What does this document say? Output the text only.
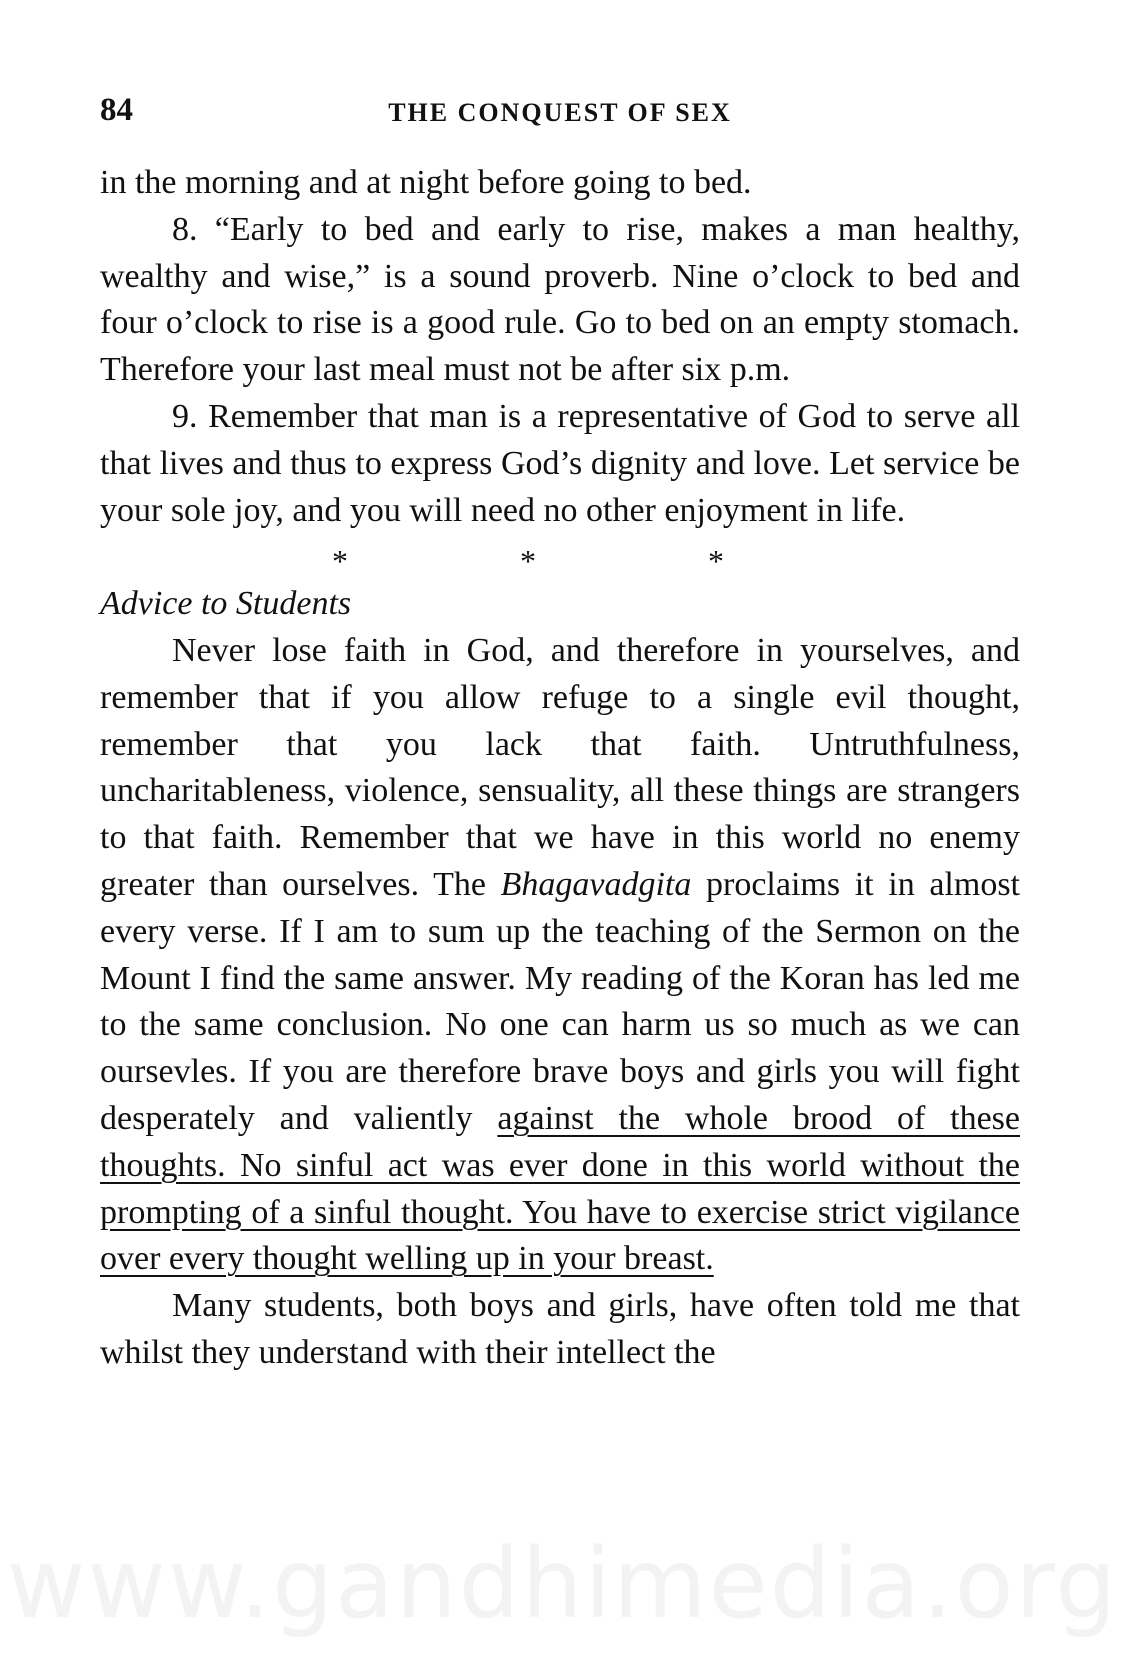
84	THE CONQUEST OF SEX

in the morning and at night before going to bed.

8. “Early to bed and early to rise, makes a man healthy, wealthy and wise,” is a sound proverb. Nine o’clock to bed and four o’clock to rise is a good rule. Go to bed on an empty stomach. Therefore your last meal must not be after six p.m.

9. Remember that man is a representative of God to serve all that lives and thus to express God’s dignity and love. Let service be your sole joy, and you will need no other enjoyment in life.

*	*	*

Advice to Students

Never lose faith in God, and therefore in yourselves, and remember that if you allow refuge to a single evil thought, remember that you lack that faith. Untruthfulness, uncharitableness, violence, sensuality, all these things are strangers to that faith. Remember that we have in this world no enemy greater than ourselves. The Bhagavadgita proclaims it in almost every verse. If I am to sum up the teaching of the Sermon on the Mount I find the same answer. My reading of the Koran has led me to the same conclusion. No one can harm us so much as we can oursevles. If you are therefore brave boys and girls you will fight desperately and valiently against the whole brood of these thoughts. No sinful act was ever done in this world without the prompting of a sinful thought. You have to exercise strict vigilance over every thought welling up in your breast.

Many students, both boys and girls, have often told me that whilst they understand with their intellect the

www.gandhimedia.org
